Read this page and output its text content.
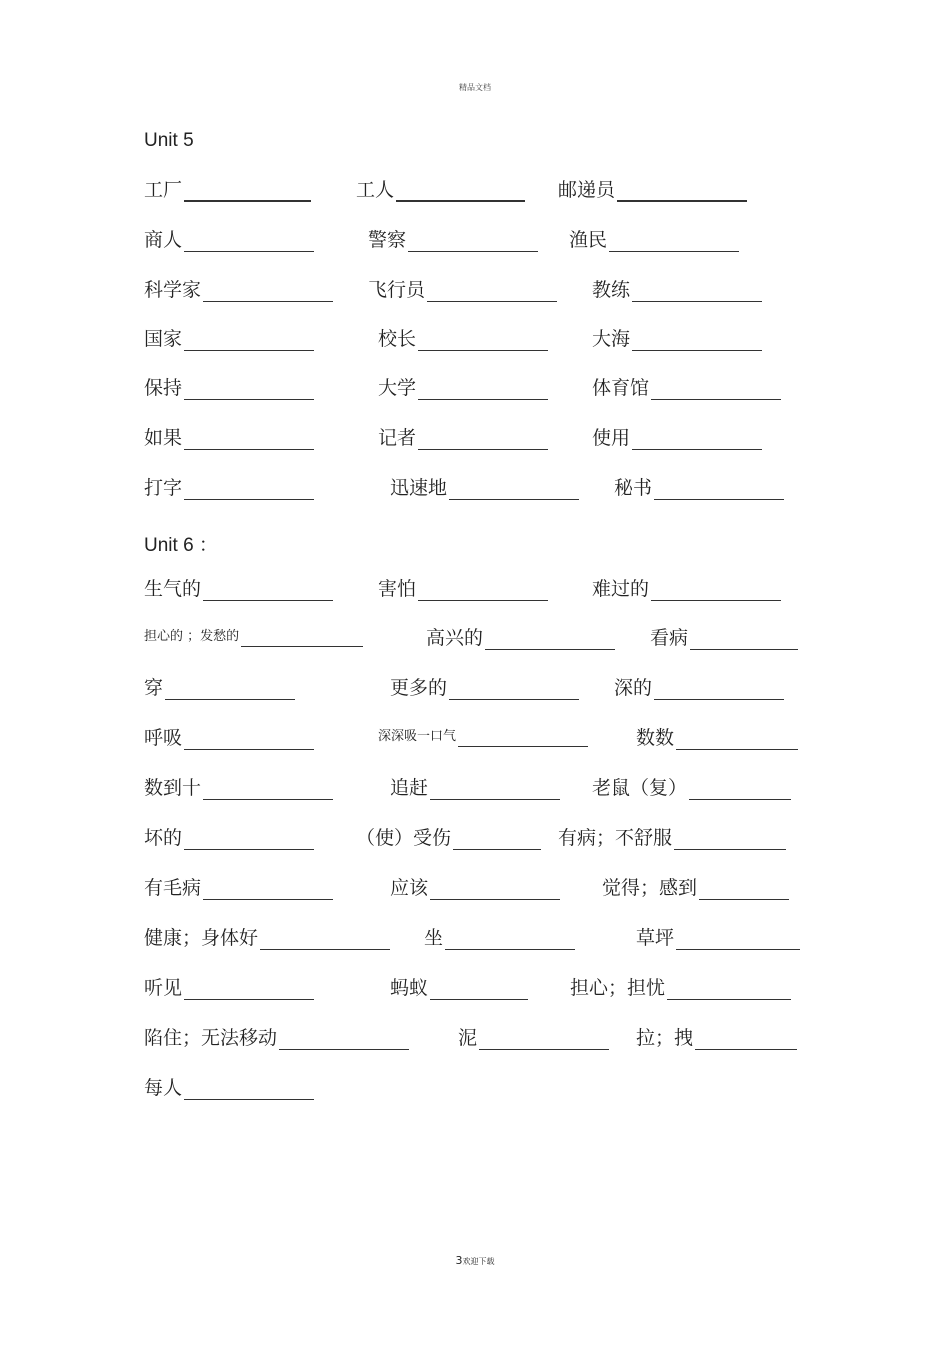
精品文档
Unit 5
Unit 6 ：
工厂	工人	邮递员
商人	警察	渔民
科学家	飞行员	教练
国家	校长	大海
保持	大学	体育馆
如果	记者	使用
打字	迅速地	秘书
生气的	害怕	难过的
担心的 ；发愁的	高兴的	看病
穿	更多的	深的
呼吸	深深吸一口气	数数
数到十	追赶	老鼠（复）
坏的	（使）受伤	有病；不舒服
有毛病	应该	觉得；感到
健康；身体好	坐	草坪
听见	蚂蚁	担心；担忧
陷住；无法移动	泥	拉；拽
每人
3欢迎下载
